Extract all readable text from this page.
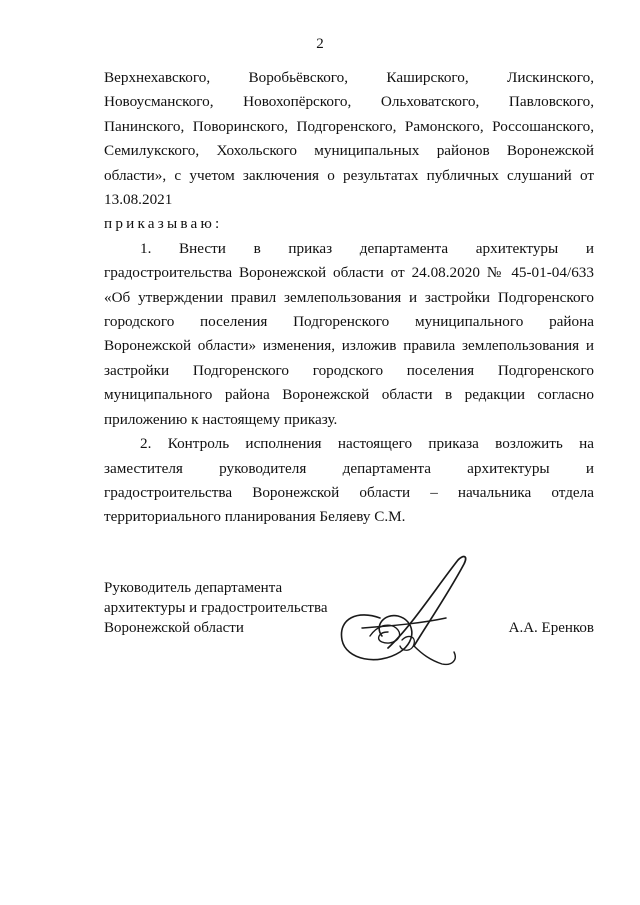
2
Верхнехавского, Воробьёвского, Каширского, Лискинского,
Новоусманского, Новохопёрского, Ольховатского, Павловского,
Панинского, Поворинского, Подгоренского, Рамонского, Россошанского,
Семилукского, Хохольского муниципальных районов Воронежской
области», с учетом заключения о результатах публичных слушаний от
13.08.2021
приказываю:
1. Внести в приказ департамента архитектуры и
градостроительства Воронежской области от 24.08.2020 № 45-01-04/633
«Об утверждении правил землепользования и застройки Подгоренского
городского поселения Подгоренского муниципального района
Воронежской области» изменения, изложив правила землепользования и
застройки Подгоренского городского поселения Подгоренского
муниципального района Воронежской области в редакции согласно
приложению к настоящему приказу.
2. Контроль исполнения настоящего приказа возложить на
заместителя руководителя департамента архитектуры и
градостроительства Воронежской области – начальника отдела
территориального планирования Беляеву С.М.
Руководитель департамента
архитектуры и градостроительства
Воронежской области	А.А. Еренков
